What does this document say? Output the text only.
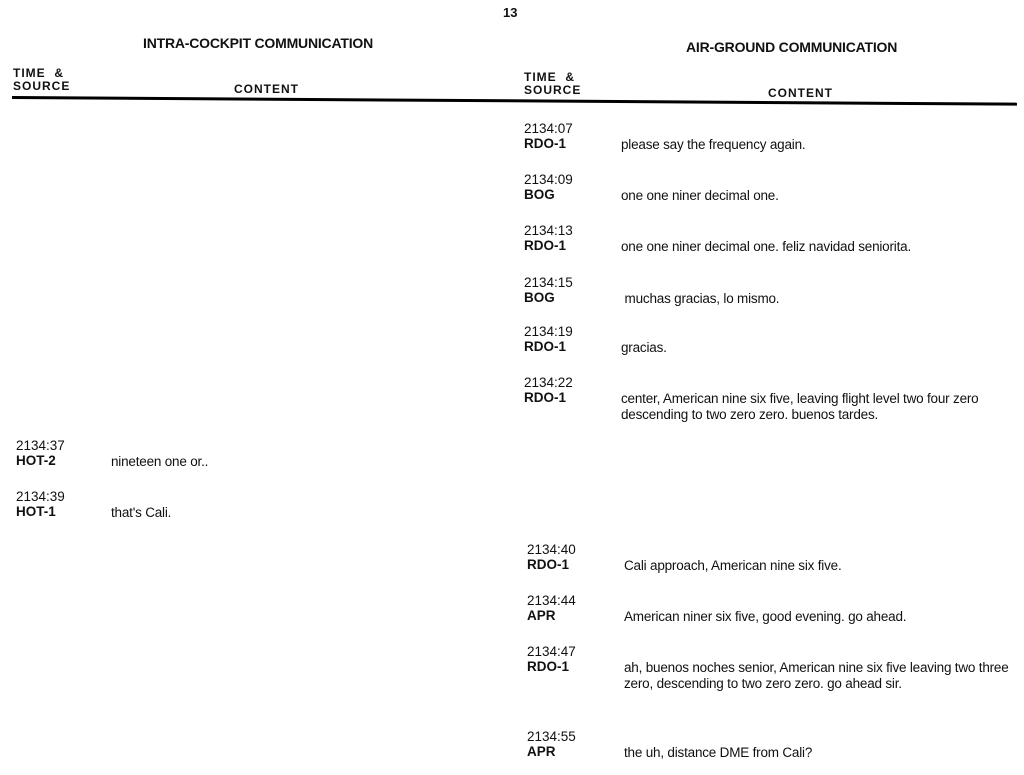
13
INTRA-COCKPIT COMMUNICATION	AIR-GROUND COMMUNICATION
TIME  &
SOURCE	CONTENT
TIME  &
SOURCE	CONTENT
2134:07
RDO-1	please say the frequency again.
2134:09
BOG	one one niner decimal one.
2134:13
RDO-1	one one niner decimal one. feliz navidad seniorita.
2134:15
BOG	muchas gracias, lo mismo.
2134:19
RDO-1	gracias.
2134:22
RDO-1	center, American nine six five, leaving flight level two four zero descending to two zero zero. buenos tardes.
2134:37
HOT-2	nineteen one or..
2134:39
HOT-1	that's Cali.
2134:40
RDO-1	Cali approach, American nine six five.
2134:44
APR	American niner six five, good evening. go ahead.
2134:47
RDO-1	ah, buenos noches senior, American nine six five leaving two three zero, descending to two zero zero. go ahead sir.
2134:55
APR	the uh, distance DME from Cali?
